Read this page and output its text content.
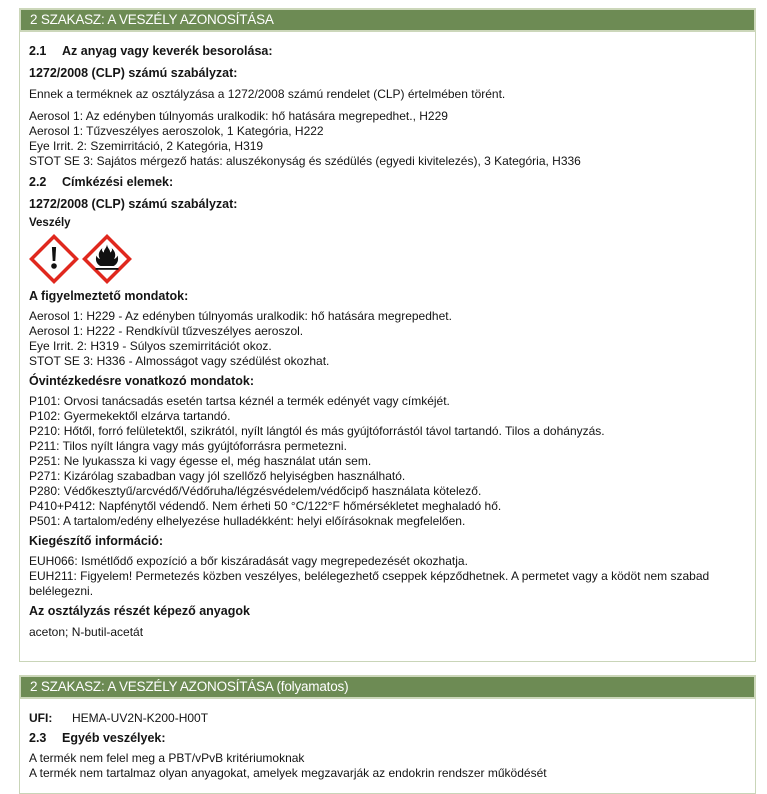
2 SZAKASZ: A VESZÉLY AZONOSÍTÁSA
2.1	Az anyag vagy keverék besorolása:
1272/2008 (CLP) számú szabályzat:
Ennek a terméknek az osztályzása a 1272/2008 számú rendelet (CLP) értelmében törént.
Aerosol 1: Az edényben túlnyomás uralkodik: hő hatására megrepedhet., H229
Aerosol 1: Tűzveszélyes aeroszolok, 1 Kategória, H222
Eye Irrit. 2: Szemirritáció, 2 Kategória, H319
STOT SE 3: Sajátos mérgező hatás: aluszékonyság és szédülés (egyedi kivitelezés), 3 Kategória, H336
2.2	Címkézési elemek:
1272/2008 (CLP) számú szabályzat:
Veszély
A figyelmeztető mondatok:
Aerosol 1: H229 - Az edényben túlnyomás uralkodik: hő hatására megrepedhet.
Aerosol 1: H222 - Rendkívül tűzveszélyes aeroszol.
Eye Irrit. 2: H319 - Súlyos szemirritációt okoz.
STOT SE 3: H336 - Almosságot vagy szédülést okozhat.
Óvintézkedésre vonatkozó mondatok:
P101: Orvosi tanácsadás esetén tartsa kéznél a termék edényét vagy címkéjét.
P102: Gyermekektől elzárva tartandó.
P210: Hőtől, forró felületektől, szikrától, nyílt lángtól és más gyújtóforrástól távol tartandó. Tilos a dohányzás.
P211: Tilos nyílt lángra vagy más gyújtóforrásra permetezni.
P251: Ne lyukassza ki vagy égesse el, még használat után sem.
P271: Kizárólag szabadban vagy jól szellőző helyiségben használható.
P280: Védőkesztyű/arcvédő/Védőruha/légzésvédelem/védőcipő használata kötelező.
P410+P412: Napfénytől védendő. Nem érheti 50 °C/122°F hőmérsékletet meghaladó hő.
P501: A tartalom/edény elhelyezése hulladékként: helyi előírásoknak megfelelően.
Kiegészítő információ:
EUH066: Ismétlődő expozíció a bőr kiszáradását vagy megrepedezését okozhatja.
EUH211: Figyelem! Permetezés közben veszélyes, belélegezhető cseppek képződhetnek. A permetet vagy a ködöt nem szabad belélegezni.
Az osztályzás részét képező anyagok
aceton; N-butil-acetát
2 SZAKASZ: A VESZÉLY AZONOSÍTÁSA (folyamatos)
UFI:	HEMA-UV2N-K200-H00T
2.3	Egyéb veszélyek:
A termék nem felel meg a PBT/vPvB kritériumoknak
A termék nem tartalmaz olyan anyagokat, amelyek megzavarják az endokrin rendszer működését
